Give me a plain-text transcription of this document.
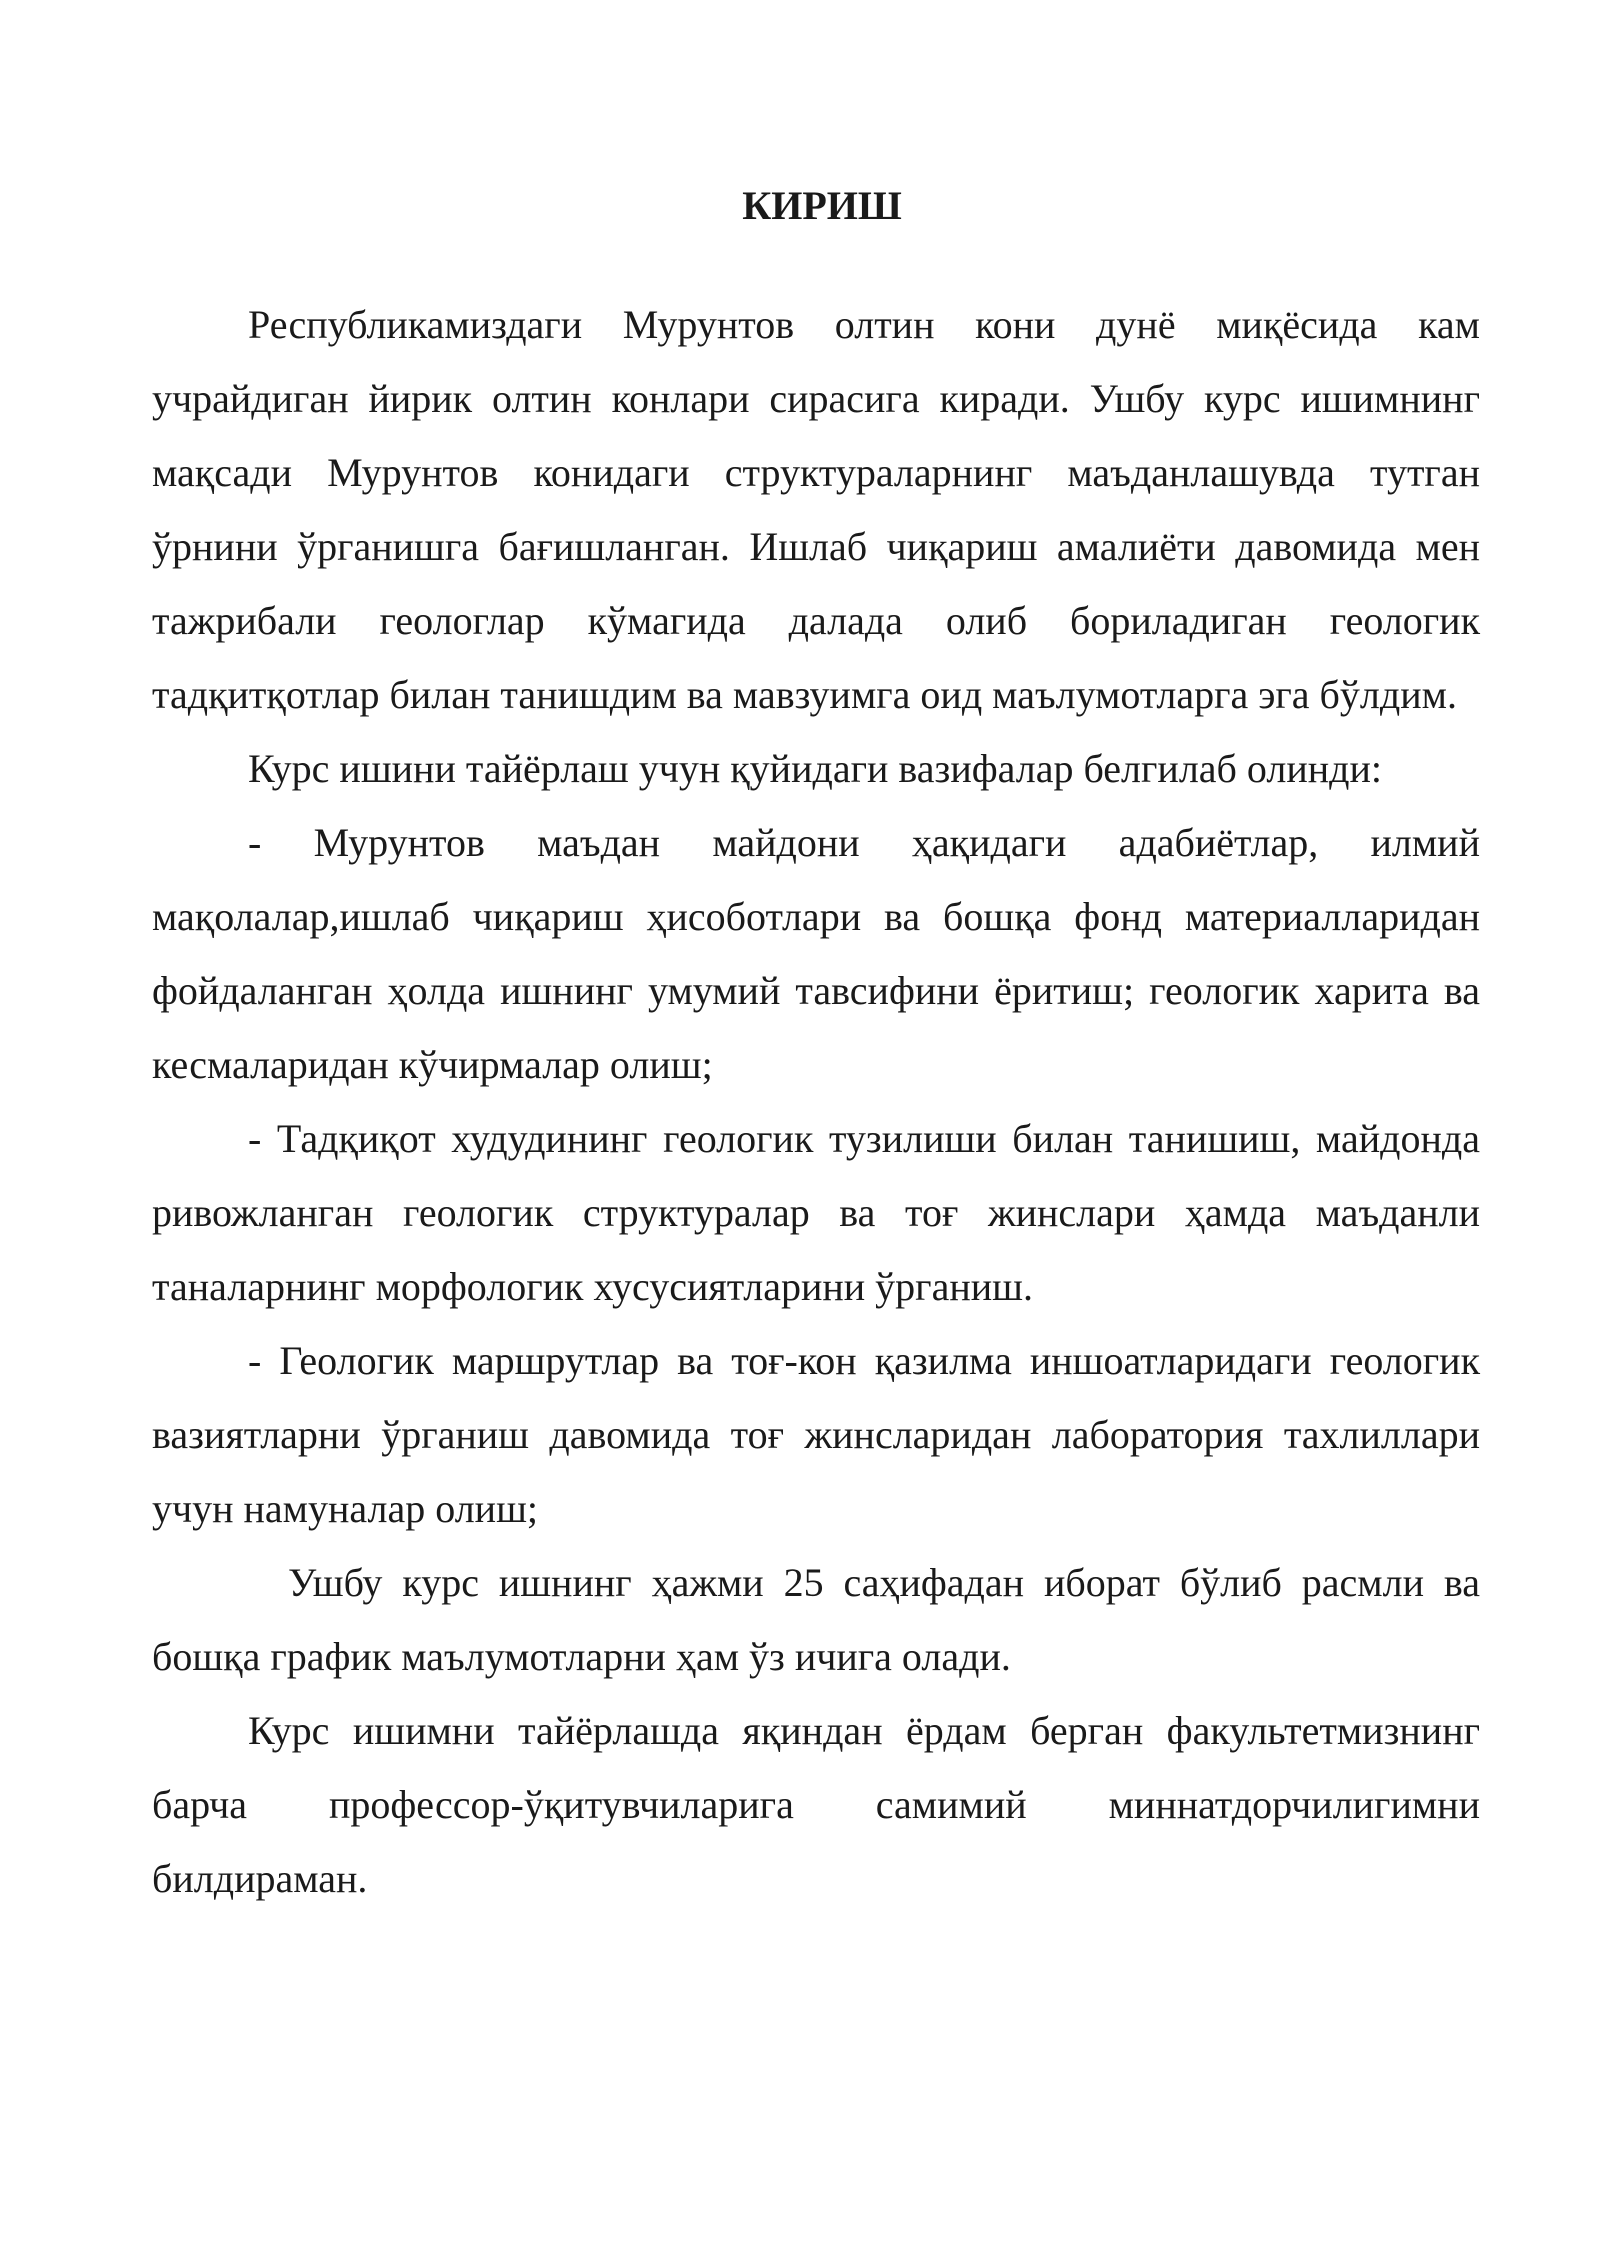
КИРИШ

Республикамиздаги Мурунтов олтин кони дунё миқёсида кам учрайдиган йирик олтин конлари сирасига киради. Ушбу курс ишимнинг мақсади Мурунтов конидаги структураларнинг маъданлашувда тутган ўрнини ўрганишга бағишланган. Ишлаб чиқариш амалиёти давомида мен тажрибали геологлар кўмагида далада олиб бориладиган геологик тадқитқотлар билан танишдим ва мавзуимга оид маълумотларга эга бўлдим.

Курс ишини тайёрлаш учун қуйидаги вазифалар белгилаб олинди:

- Мурунтов маъдан майдони ҳақидаги адабиётлар, илмий мақолалар,ишлаб чиқариш ҳисоботлари ва бошқа фонд материалларидан фойдаланган ҳолда ишнинг умумий тавсифини ёритиш; геологик харита ва кесмаларидан кўчирмалар олиш;

- Тадқиқот худудининг геологик тузилиши билан танишиш, майдонда ривожланган геологик структуралар ва тоғ жинслари ҳамда маъданли таналарнинг морфологик хусусиятларини ўрганиш.

- Геологик маршрутлар ва тоғ-кон қазилма иншоатларидаги геологик вазиятларни ўрганиш давомида тоғ жинсларидан лаборатория тахлиллари учун намуналар олиш;

Ушбу курс ишнинг ҳажми 25 саҳифадан иборат бўлиб расмли ва бошқа график маълумотларни ҳам ўз ичига олади.

Курс ишимни тайёрлашда яқиндан ёрдам берган факультетмизнинг барча профессор-ўқитувчиларига самимий миннатдорчилигимни билдираман.
